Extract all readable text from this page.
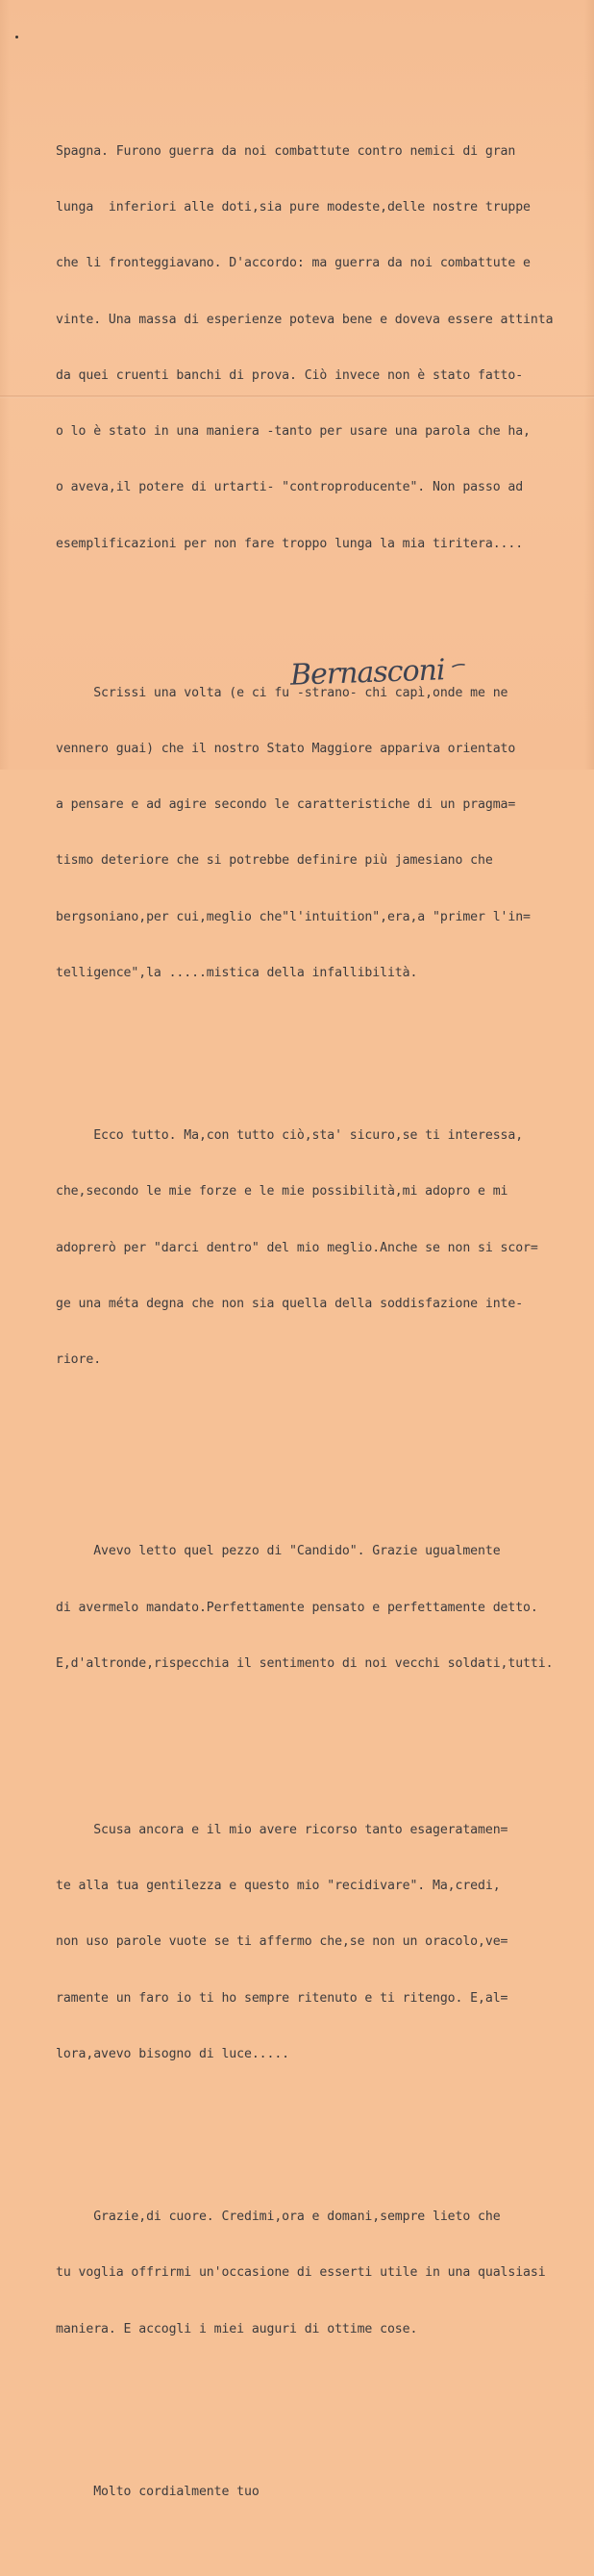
Spagna. Furono guerra da noi combattute contro nemici di gran

lunga  inferiori alle doti,sia pure modeste,delle nostre truppe

che li fronteggiavano. D'accordo: ma guerra da noi combattute e

vinte. Una massa di esperienze poteva bene e doveva essere attinta

da quei cruenti banchi di prova. Ciò invece non è stato fatto-

o lo è stato in una maniera -tanto per usare una parola che ha,

o aveva,il potere di urtarti- "controproducente". Non passo ad

esemplificazioni per non fare troppo lunga la mia tiritera....

Scrissi una volta (e ci fu -strano- chi capì,onde me ne

vennero guai) che il nostro Stato Maggiore appariva orientato

a pensare e ad agire secondo le caratteristiche di un pragma=

tismo deteriore che si potrebbe definire più jamesiano che

bergsoniano,per cui,meglio che"l'intuition",era,a "primer l'in=

telligence",la .....mistica della infallibilità.

Ecco tutto. Ma,con tutto ciò,sta' sicuro,se ti interessa,

che,secondo le mie forze e le mie possibilità,mi adopro e mi

adoprerò per "darci dentro" del mio meglio.Anche se non si scor=

ge una méta degna che non sia quella della soddisfazione inte-

riore.

Avevo letto quel pezzo di "Candido". Grazie ugualmente

di avermelo mandato.Perfettamente pensato e perfettamente detto.

E,d'altronde,rispecchia il sentimento di noi vecchi soldati,tutti.

Scusa ancora e il mio avere ricorso tanto esageratamen=

te alla tua gentilezza e questo mio "recidivare". Ma,credi,

non uso parole vuote se ti affermo che,se non un oracolo,ve=

ramente un faro io ti ho sempre ritenuto e ti ritengo. E,al=

lora,avevo bisogno di luce.....

Grazie,di cuore. Credimi,ora e domani,sempre lieto che

tu voglia offrirmi un'occasione di esserti utile in una qualsiasi

maniera. E accogli i miei auguri di ottime cose.

Molto cordialmente tuo

Bernasconi
